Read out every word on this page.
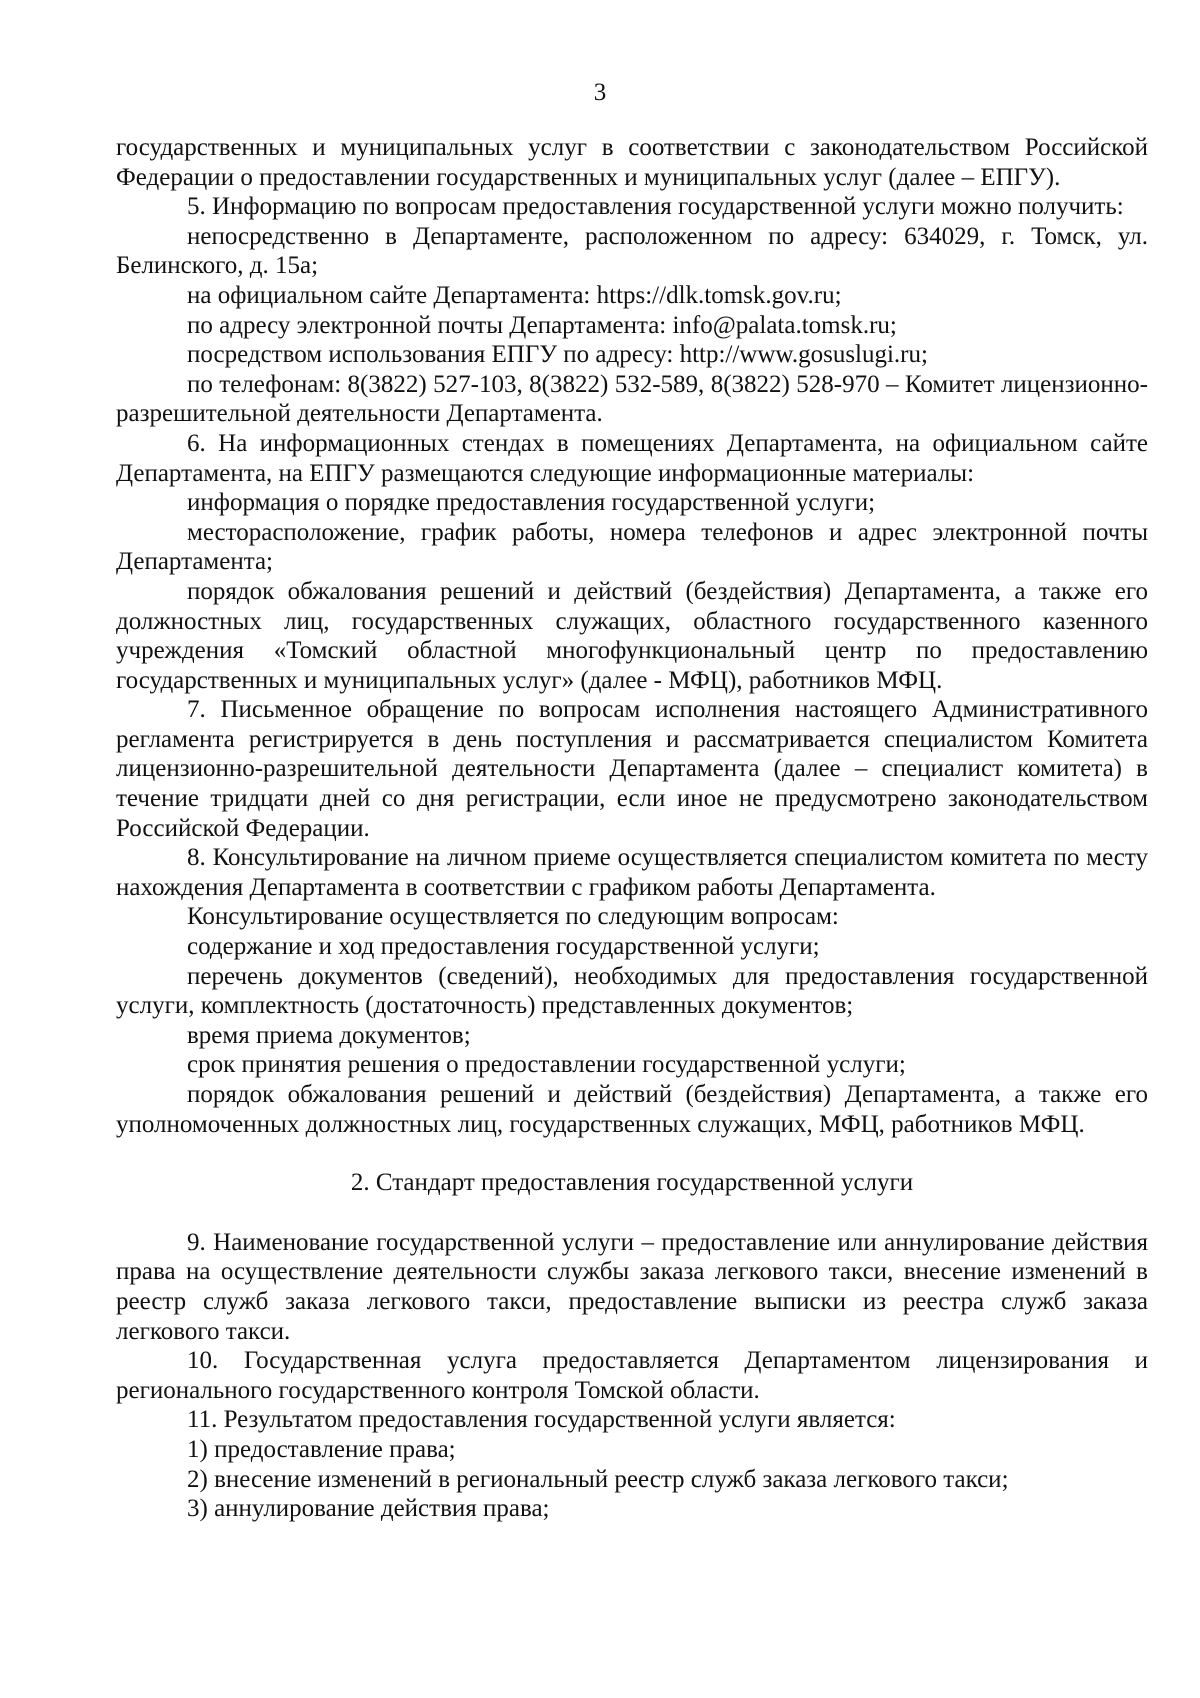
3

государственных и муниципальных услуг в соответствии с законодательством Российской Федерации о предоставлении государственных и муниципальных услуг (далее – ЕПГУ).

5. Информацию по вопросам предоставления государственной услуги можно получить:

непосредственно в Департаменте, расположенном по адресу: 634029, г. Томск, ул. Белинского, д. 15а;

на официальном сайте Департамента: https://dlk.tomsk.gov.ru;

по адресу электронной почты Департамента: info@palata.tomsk.ru;

посредством использования ЕПГУ по адресу: http://www.gosuslugi.ru;

по телефонам: 8(3822) 527-103, 8(3822) 532-589, 8(3822) 528-970 – Комитет лицензионно-разрешительной деятельности Департамента.

6. На информационных стендах в помещениях Департамента, на официальном сайте Департамента, на ЕПГУ размещаются следующие информационные материалы:

информация о порядке предоставления государственной услуги;

месторасположение, график работы, номера телефонов и адрес электронной почты Департамента;

порядок обжалования решений и действий (бездействия) Департамента, а также его должностных лиц, государственных служащих, областного государственного казенного учреждения «Томский областной многофункциональный центр по предоставлению государственных и муниципальных услуг» (далее - МФЦ), работников МФЦ.

7. Письменное обращение по вопросам исполнения настоящего Административного регламента регистрируется в день поступления и рассматривается специалистом Комитета лицензионно-разрешительной деятельности Департамента (далее – специалист комитета) в течение тридцати дней со дня регистрации, если иное не предусмотрено законодательством Российской Федерации.

8. Консультирование на личном приеме осуществляется специалистом комитета по месту нахождения Департамента в соответствии с графиком работы Департамента.

Консультирование осуществляется по следующим вопросам:

содержание и ход предоставления государственной услуги;

перечень документов (сведений), необходимых для предоставления государственной услуги, комплектность (достаточность) представленных документов;

время приема документов;

срок принятия решения о предоставлении государственной услуги;

порядок обжалования решений и действий (бездействия) Департамента, а также его уполномоченных должностных лиц, государственных служащих, МФЦ, работников МФЦ.

2. Стандарт предоставления государственной услуги

9. Наименование государственной услуги – предоставление или аннулирование действия права на осуществление деятельности службы заказа легкового такси, внесение изменений в реестр служб заказа легкового такси, предоставление выписки из реестра служб заказа легкового такси.

10. Государственная услуга предоставляется Департаментом лицензирования и регионального государственного контроля Томской области.

11. Результатом предоставления государственной услуги является:

1) предоставление права;

2) внесение изменений в региональный реестр служб заказа легкового такси;

3) аннулирование действия права;
